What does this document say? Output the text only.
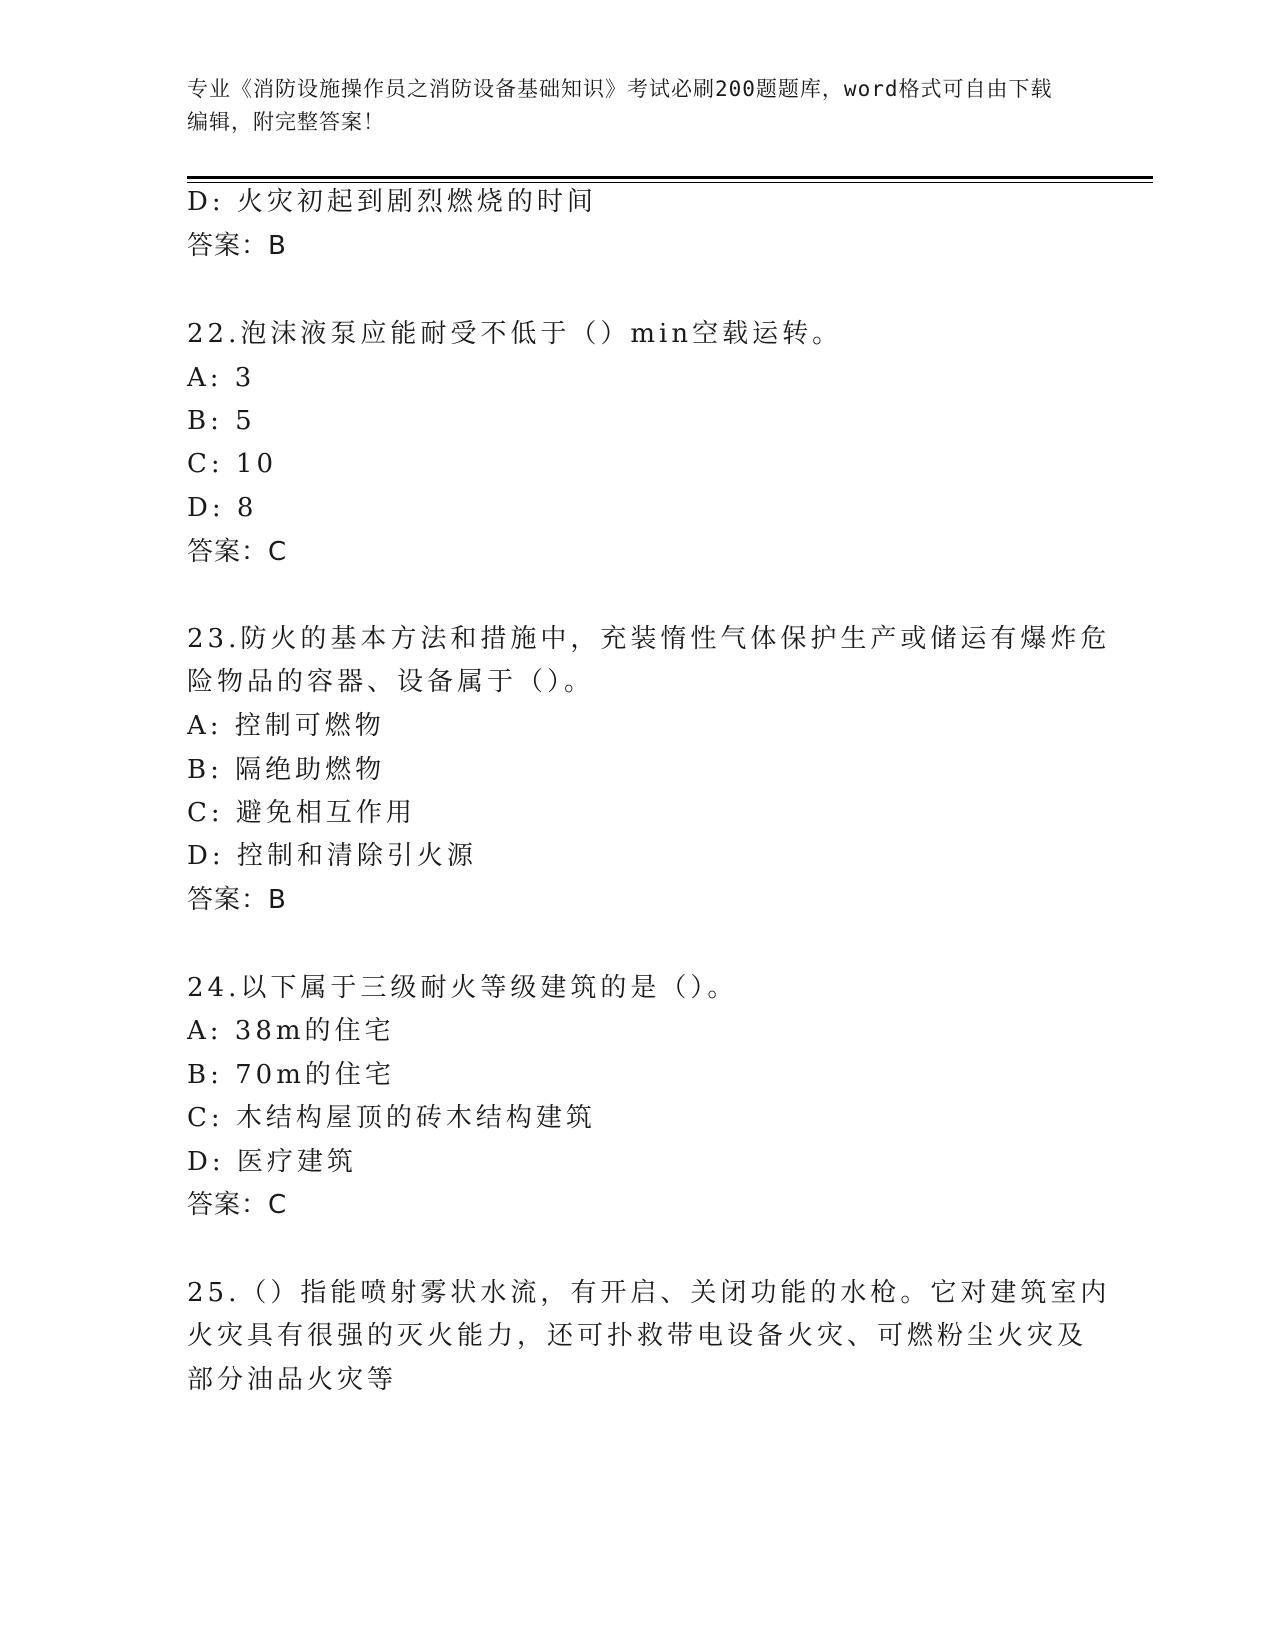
专业《消防设施操作员之消防设备基础知识》考试必刷200题题库，word格式可自由下载编辑，附完整答案！
D: 火灾初起到剧烈燃烧的时间
答案：B
22.泡沫液泵应能耐受不低于（）min空载运转。
A: 3
B: 5
C: 10
D: 8
答案：C
23.防火的基本方法和措施中，充装惰性气体保护生产或储运有爆炸危
险物品的容器、设备属于（）。
A: 控制可燃物
B: 隔绝助燃物
C: 避免相互作用
D: 控制和清除引火源
答案：B
24.以下属于三级耐火等级建筑的是（）。
A: 38m的住宅
B: 70m的住宅
C: 木结构屋顶的砖木结构建筑
D: 医疗建筑
答案：C
25.（）指能喷射雾状水流，有开启、关闭功能的水枪。它对建筑室内
火灾具有很强的灭火能力，还可扑救带电设备火灾、可燃粉尘火灾及
部分油品火灾等
